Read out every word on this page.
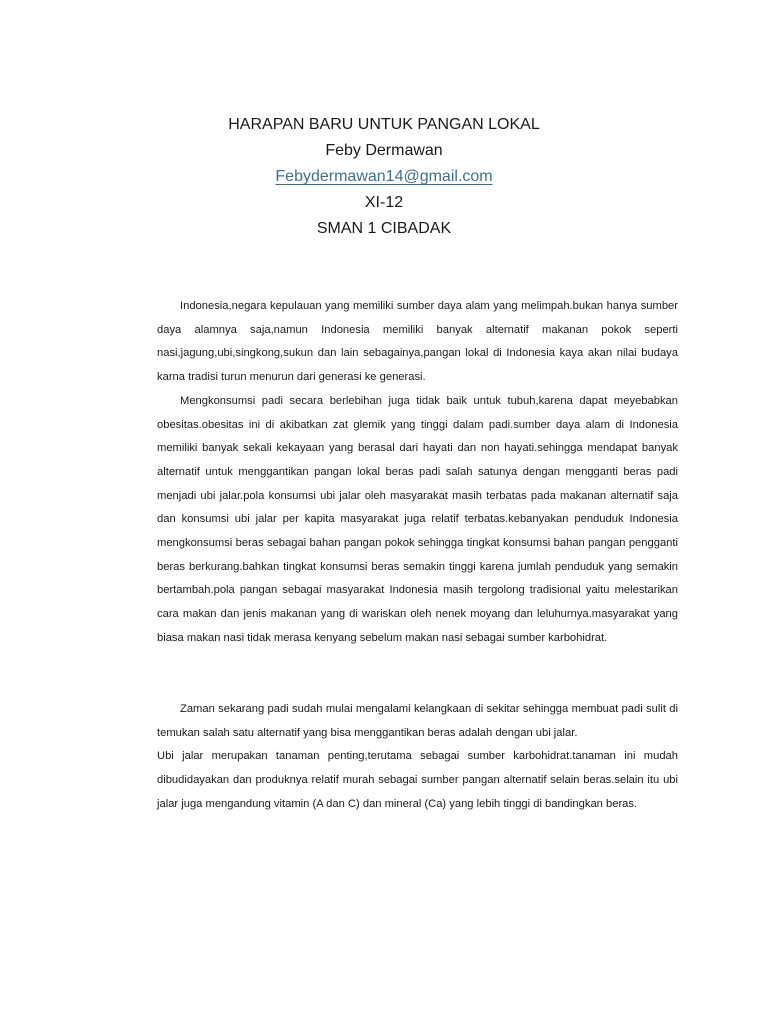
HARAPAN BARU UNTUK PANGAN LOKAL
Feby Dermawan
Febydermawan14@gmail.com
XI-12
SMAN 1 CIBADAK

Indonesia,negara kepulauan yang memiliki sumber daya alam yang melimpah.bukan hanya sumber daya alamnya saja,namun Indonesia memiliki banyak alternatif makanan pokok seperti nasi,jagung,ubi,singkong,sukun dan lain sebagainya,pangan lokal di Indonesia kaya akan nilai budaya karna tradisi turun menurun dari generasi ke generasi.

Mengkonsumsi padi secara berlebihan juga tidak baik untuk tubuh,karena dapat meyebabkan obesitas.obesitas ini di akibatkan zat glemik yang tinggi dalam padi.sumber daya alam di Indonesia memiliki banyak sekali kekayaan yang berasal dari hayati dan non hayati.sehingga mendapat banyak alternatif untuk menggantikan pangan lokal beras padi salah satunya dengan mengganti beras padi menjadi ubi jalar.pola konsumsi ubi jalar oleh masyarakat masih terbatas pada makanan alternatif saja dan konsumsi ubi jalar per kapita masyarakat juga relatif terbatas.kebanyakan penduduk Indonesia mengkonsumsi beras sebagai bahan pangan pokok sehingga tingkat konsumsi bahan pangan pengganti beras berkurang.bahkan tingkat konsumsi beras semakin tinggi karena jumlah penduduk yang semakin bertambah.pola pangan sebagai masyarakat Indonesia masih tergolong tradisional yaitu melestarikan cara makan dan jenis makanan yang di wariskan oleh nenek moyang dan leluhurnya.masyarakat yang biasa makan nasi tidak merasa kenyang sebelum makan nasi sebagai sumber karbohidrat.

Zaman sekarang padi sudah mulai mengalami kelangkaan di sekitar sehingga membuat padi sulit di temukan salah satu alternatif yang bisa menggantikan beras adalah dengan ubi jalar.

Ubi jalar merupakan tanaman penting,terutama sebagai sumber karbohidrat.tanaman ini mudah dibudidayakan dan produknya relatif murah sebagai sumber pangan alternatif selain beras.selain itu ubi jalar juga mengandung vitamin (A dan C) dan mineral (Ca) yang lebih tinggi di bandingkan beras.
